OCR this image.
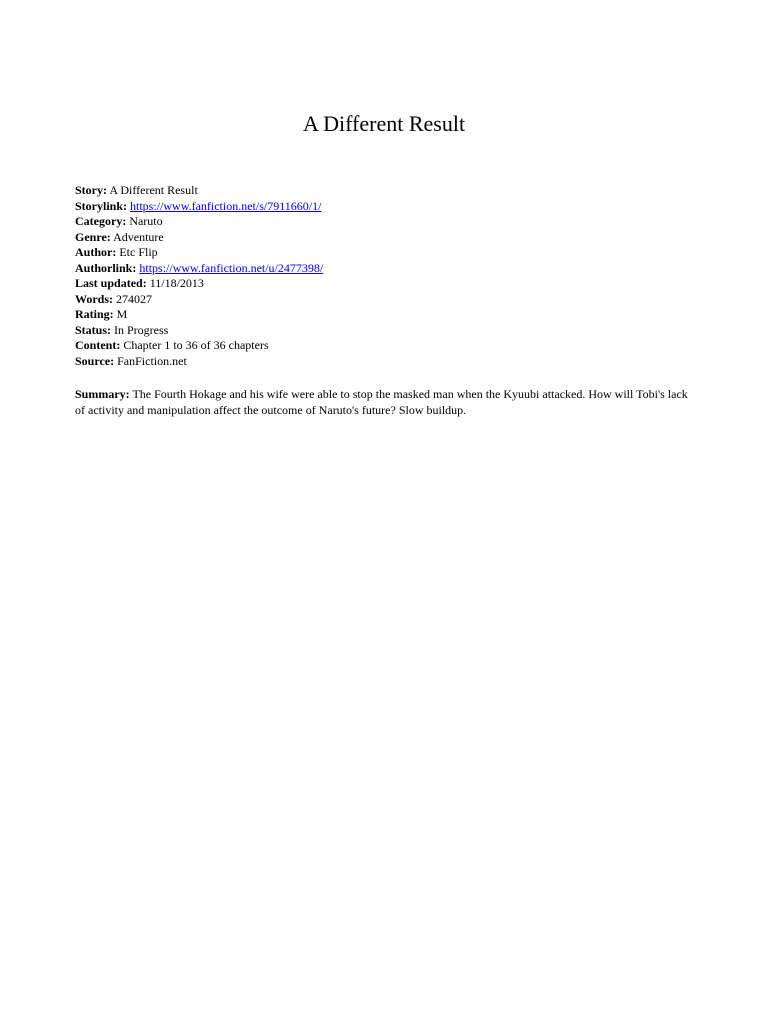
A Different Result
Story: A Different Result
Storylink: https://www.fanfiction.net/s/7911660/1/
Category: Naruto
Genre: Adventure
Author: Etc Flip
Authorlink: https://www.fanfiction.net/u/2477398/
Last updated: 11/18/2013
Words: 274027
Rating: M
Status: In Progress
Content: Chapter 1 to 36 of 36 chapters
Source: FanFiction.net
Summary: The Fourth Hokage and his wife were able to stop the masked man when the Kyuubi attacked. How will Tobi's lack of activity and manipulation affect the outcome of Naruto's future? Slow buildup.
